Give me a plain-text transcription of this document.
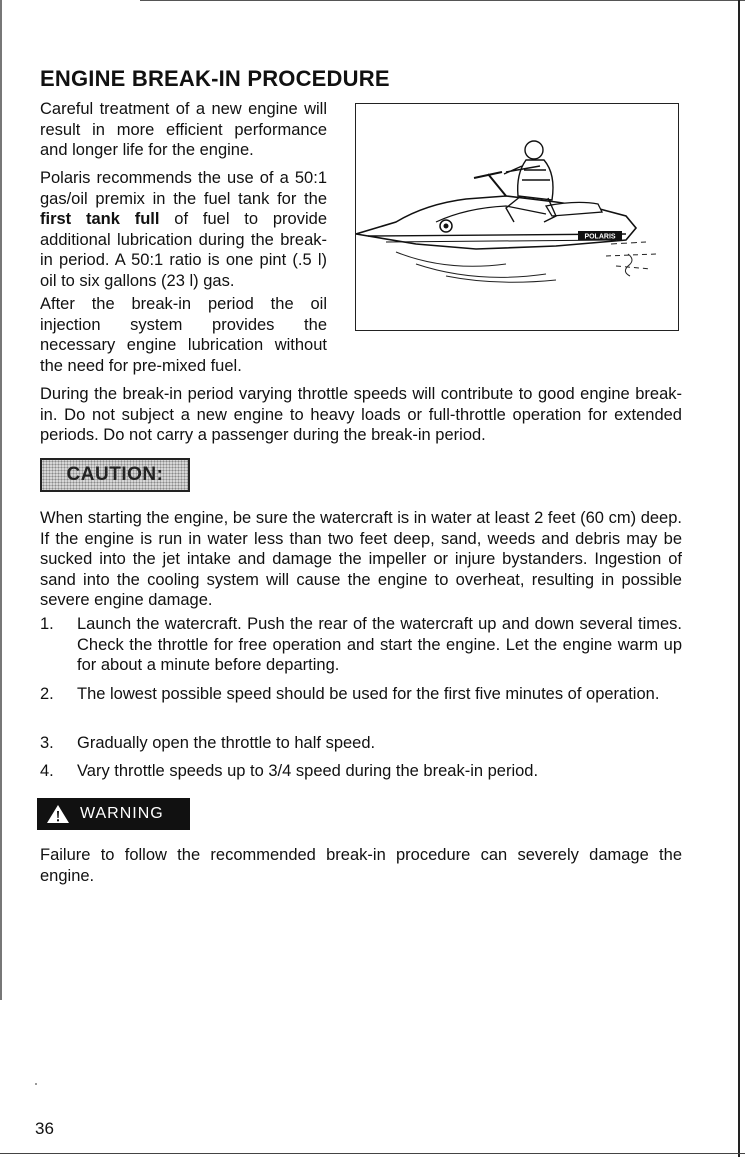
ENGINE BREAK-IN PROCEDURE

Careful treatment of a new engine will result in more efficient performance and longer life for the engine.

Polaris recommends the use of a 50:1 gas/oil premix in the fuel tank for the first tank full of fuel to provide additional lubrication during the break-in period. A 50:1 ratio is one pint (.5 l) oil to six gallons (23 l) gas.

After the break-in period the oil injection system provides the necessary engine lubrication without the need for pre-mixed fuel.

POLARIS

During the break-in period varying throttle speeds will contribute to good engine break-in. Do not subject a new engine to heavy loads or full-throttle operation for extended periods. Do not carry a passenger during the break-in period.

CAUTION:

When starting the engine, be sure the watercraft is in water at least 2 feet (60 cm) deep. If the engine is run in water less than two feet deep, sand, weeds and debris may be sucked into the jet intake and damage the impeller or injure bystanders. Ingestion of sand into the cooling system will cause the engine to overheat, resulting in possible severe engine damage.

1. Launch the watercraft. Push the rear of the watercraft up and down several times. Check the throttle for free operation and start the engine. Let the engine warm up for about a minute before departing.
2. The lowest possible speed should be used for the first five minutes of operation.
3. Gradually open the throttle to half speed.
4. Vary throttle speeds up to 3/4 speed during the break-in period.
WARNING

Failure to follow the recommended break-in procedure can severely damage the engine.

36
